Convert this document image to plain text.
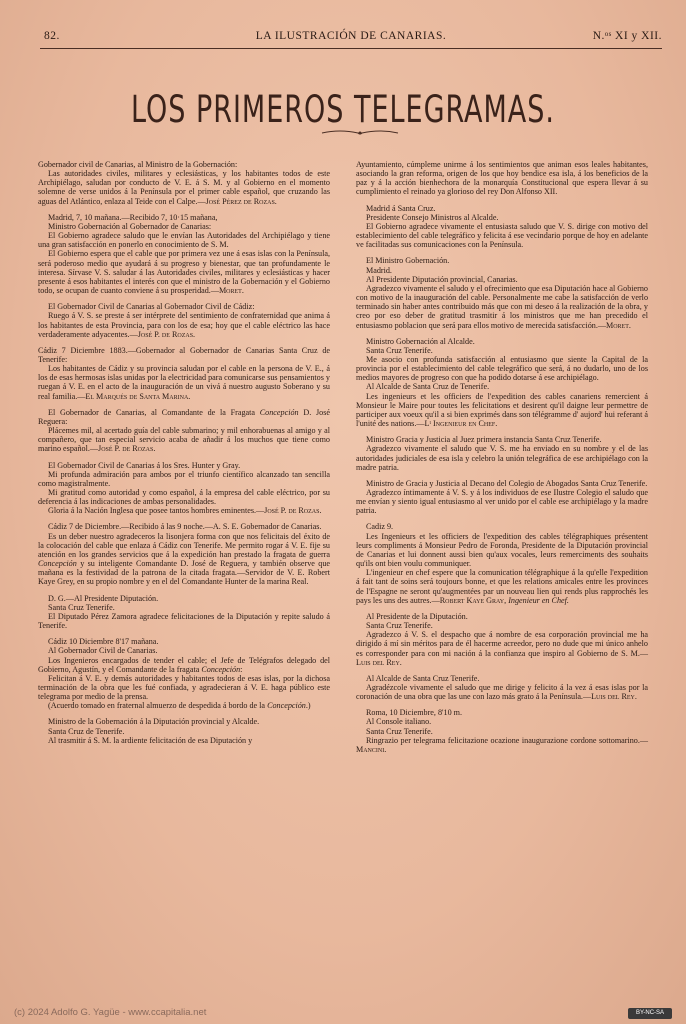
82.	LA ILUSTRACIÓN DE CANARIAS.	N.ᵒˢ XI y XII.
LOS PRIMEROS TELEGRAMAS.

Gobernador civil de Canarias, al Ministro de la Gobernación:

Las autoridades civiles, militares y eclesiásticas, y los habitantes todos de este Archipiélago, saludan por conducto de V. E. á S. M. y al Gobierno en el momento solemne de verse unidos á la Península por el primer cable español, que cruzando las aguas del Atlántico, enlaza al Teide con el Calpe.—José Pérez de Rozas.

Madrid, 7, 10 mañana.—Recibido 7, 10·15 mañana,

Ministro Gobernación al Gobernador de Canarias:

El Gobierno agradece saludo que le envían las Autoridades del Archipiélago y tiene una gran satisfacción en ponerlo en conocimiento de S. M.

El Gobierno espera que el cable que por primera vez une á esas islas con la Península, será poderoso medio que ayudará á su progreso y bienestar, que tan profundamente le interesa. Sírvase V. S. saludar á las Autoridades civiles, militares y eclesiásticas y hacer presente á esos habitantes el interés con que el ministro de la Gobernación y el Gobierno todo, se ocupan de cuanto conviene á su prosperidad.—Moret.

El Gobernador Civil de Canarias al Gobernador Civil de Cádiz:

Ruego á V. S. se preste á ser intérprete del sentimiento de confraternidad que anima á los habitantes de esta Provincia, para con los de esa; hoy que el cable eléctrico las hace verdaderamente adyacentes.—José P. de Rozas.

Cádiz 7 Diciembre 1883.—Gobernador al Gobernador de Canarias Santa Cruz de Tenerife:

Los habitantes de Cádiz y su provincia saludan por el cable en la persona de V. E., á los de esas hermosas islas unidas por la electricidad para comunicarse sus pensamientos y ruegan á V. E. en el acto de la inauguración de un vivá á nuestro augusto Soberano y su real familia.—El Marqués de Santa Marina.

El Gobernador de Canarias, al Comandante de la Fragata Concepción D. José Reguera:

Plácemes mil, al acertado guía del cable submarino; y mil enhorabuenas al amigo y al compañero, que tan especial servicio acaba de añadir á los muchos que tiene como marino español.—José P. de Rozas.

El Gobernador Civil de Canarias á los Sres. Hunter y Gray.

Mi profunda admiración para ambos por el triunfo científico alcanzado tan sencilla como magistralmente.

Mi gratitud como autoridad y como español, á la empresa del cable eléctrico, por su deferencia á las indicaciones de ambas personalidades.

Gloria á la Nación Inglesa que posee tantos hombres eminentes.—José P. de Rozas.

Cádiz 7 de Diciembre.—Recibido á las 9 noche.—A. S. E. Gobernador de Canarias.

Es un deber nuestro agradeceros la lisonjera forma con que nos felicitais del éxito de la colocación del cable que enlaza á Cádiz con Tenerife. Me permito rogar á V. E. fije su atención en los grandes servicios que á la expedición han prestado la fragata de guerra Concepción y su inteligente Comandante D. José de Reguera, y también observe que mañana es la festividad de la patrona de la citada fragata.—Servidor de V. E. Robert Kaye Grey, en su propio nombre y en el del Comandante Hunter de la marina Real.

D. G.—Al Presidente Diputación.

Santa Cruz Tenerife.

El Diputado Pérez Zamora agradece felicitaciones de la Diputación y repite saludo á Tenerife.

Cádiz 10 Diciembre 8'17 mañana.

Al Gobernador Civil de Canarias.

Los Ingenieros encargados de tender el cable; el Jefe de Telégrafos delegado del Gobierno, Agustín, y el Comandante de la fragata Concepción:

Felicitan á V. E. y demás autoridades y habitantes todos de esas islas, por la dichosa terminación de la obra que les fué confiada, y agradecieran á V. E. haga público este telegrama por medio de la prensa.

(Acuerdo tomado en fraternal almuerzo de despedida á bordo de la Concepción.)

Ministro de la Gobernación á la Diputación provincial y Alcalde.

Santa Cruz de Tenerife.

Al trasmitir á S. M. la ardiente felicitación de esa Diputación y

Ayuntamiento, cúmpleme unirme á los sentimientos que animan esos leales habitantes, asociando la gran reforma, origen de los que hoy bendice esa isla, á los beneficios de la paz y á la acción bienhechora de la monarquía Constitucional que espera llevar á su cumplimiento el reinado ya glorioso del rey Don Alfonso XII.

Madrid á Santa Cruz.

Presidente Consejo Ministros al Alcalde.

El Gobierno agradece vivamente el entusiasta saludo que V. S. dirige con motivo del establecimiento del cable telegráfico y felicita á ese vecindario porque de hoy en adelante ve facilitadas sus comunicaciones con la Península.

El Ministro Gobernación.

Madrid.

Al Presidente Diputación provincial, Canarias.

Agradezco vivamente el saludo y el ofrecimiento que esa Diputación hace al Gobierno con motivo de la inauguración del cable. Personalmente me cabe la satisfacción de verlo terminado sin haber antes contribuido más que con mi deseo á la realización de la obra, y creo por eso deber de gratitud trasmitir á los ministros que me han precedido el entusiasmo poblacion que será para ellos motivo de merecida satisfacción.—Moret.

Ministro Gobernación al Alcalde.

Santa Cruz Tenerife.

Me asocio con profunda satisfacción al entusiasmo que siente la Capital de la provincia por el establecimiento del cable telegráfico que será, á no dudarlo, uno de los medios mayores de progreso con que ha podido dotarse á ese archipiélago.

Al Alcalde de Santa Cruz de Tenerife.

Les ingenieurs et les officiers de l'expedition des cables canariens remercient á Monsieur le Maire pour toutes les felicitations et desirent qu'il daigne leur permettre de participer aux voeux qu'il a si bien exprimés dans son télégramme d' aujord' hui referant á l'unité des nations.—Lᵗ Ingenieur en Chef.

Ministro Gracia y Justicia al Juez primera instancia Santa Cruz Tenerife.

Agradezco vivamente el saludo que V. S. me ha enviado en su nombre y el de las autoridades judiciales de esa isla y celebro la unión telegráfica de ese archipiélago con la madre patria.

Ministro de Gracia y Justicia al Decano del Colegio de Abogados Santa Cruz Tenerife.

Agradezco íntimamente á V. S. y á los individuos de ese Ilustre Colegio el saludo que me envían y siento igual entusiasmo al ver unido por el cable ese archipiélago y la madre patria.

Cadiz 9.

Les Ingenieurs et les officiers de l'expedition des cables télégraphiques présentent leurs compliments á Monsieur Pedro de Foronda, Presidente de la Diputación provincial de Canarias et lui donnent aussi bien qu'aux vocales, leurs remerciments des souhaits qu'ils ont bien voulu communiquer.

L'ingenieur en chef espere que la comunication télégraphique á la qu'elle l'expedition á fait tant de soins será toujours bonne, et que les relations amicales entre les provinces de l'Espagne ne seront qu'augmentées par un nouveau lien qui rends plus rapprochés les pays les uns des autres.—Robert Kaye Gray, Ingenieur en Chef.

Al Presidente de la Diputación.

Santa Cruz Tenerife.

Agradezco á V. S. el despacho que á nombre de esa corporación provincial me ha dirigido á mí sin méritos para de él hacerme acreedor, pero no dude que mi único anhelo es corresponder para con mi nación á la confianza que inspiro al Gobierno de S. M.—Luis del Rey.

Al Alcalde de Santa Cruz Tenerife.

Agradézcole vivamente el saludo que me dirige y felicito á la vez á esas islas por la coronación de una obra que las une con lazo más grato á la Península.—Luis del Rey.

Roma, 10 Diciembre, 8'10 m.

Al Console italiano.

Santa Cruz Tenerife.

Ringrazio per telegrama felicitazione ocazione inaugurazione cordone sottomarino.—Mancini.

(c) 2024 Adolfo G. Yagüe - www.ccapitalia.net	BY-NC-SA
